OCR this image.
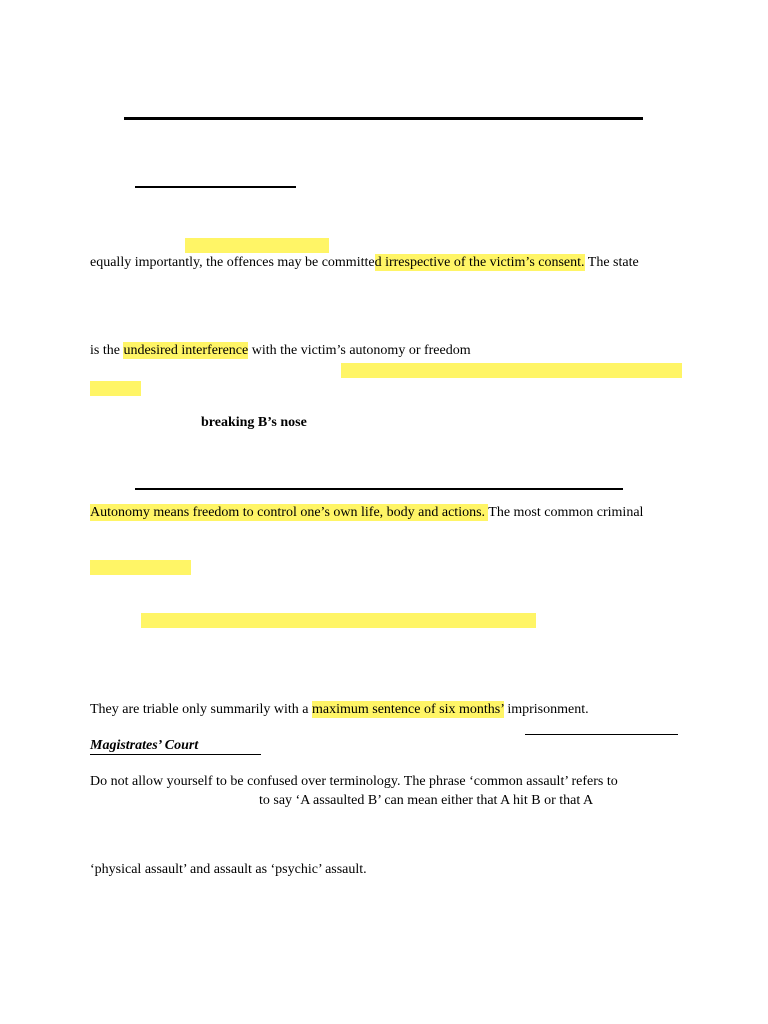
equally importantly, the offences may be committed irrespective of the victim’s consent. The state
is the undesired interference with the victim’s autonomy or freedom
breaking B’s nose
Autonomy means freedom to control one’s own life, body and actions. The most common criminal
They are triable only summarily with a maximum sentence of six months’ imprisonment.
Magistrates’ Court
Do not allow yourself to be confused over terminology. The phrase ‘common assault’ refers to
to say ‘A assaulted B’ can mean either that A hit B or that A
‘physical assault’ and assault as ‘psychic’ assault.
